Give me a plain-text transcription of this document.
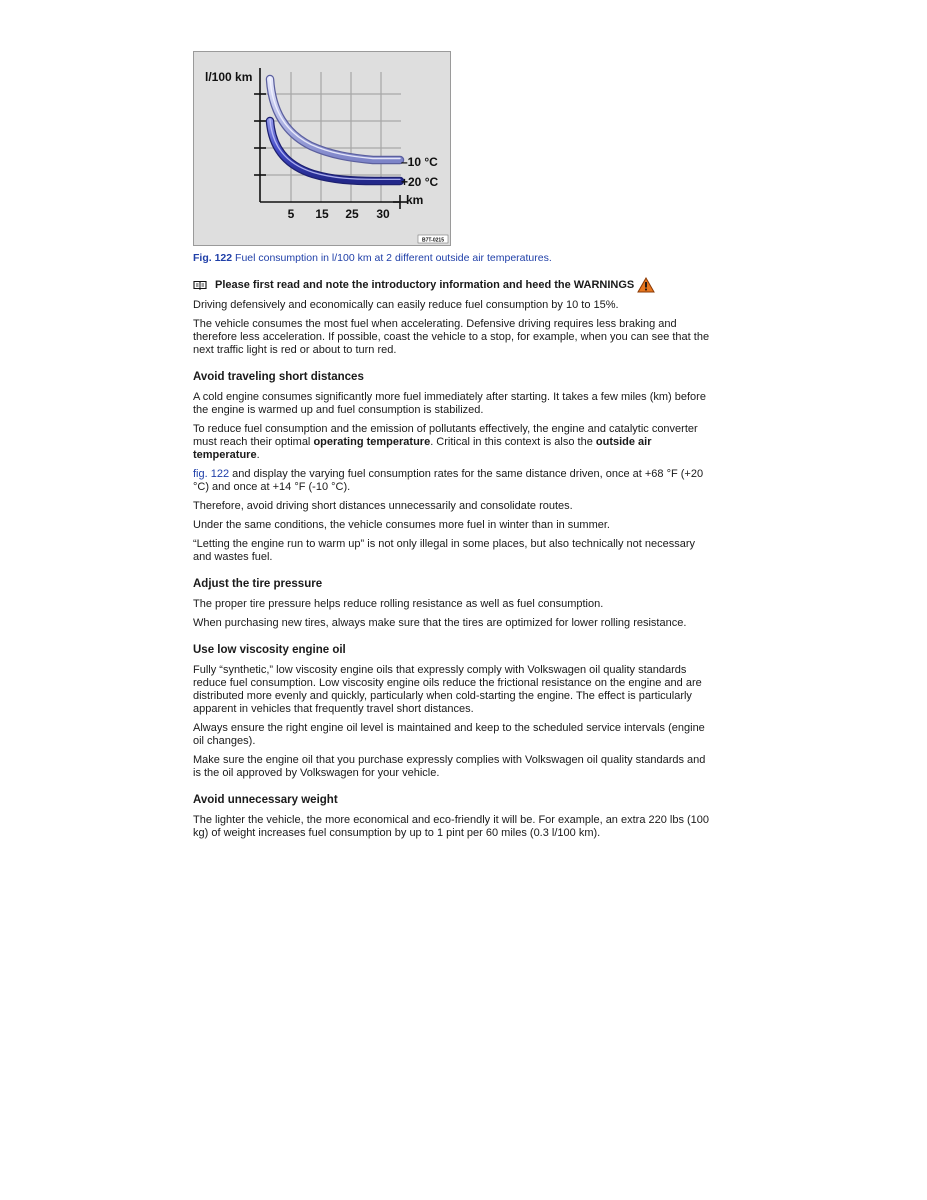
l/100 km
–10 °C
+20 °C
km
5 15 25 30
B7T-0215
Fig. 122 Fuel consumption in l/100 km at 2 different outside air temperatures.
Please first read and note the introductory information and heed the WARNINGS

Driving defensively and economically can easily reduce fuel consumption by 10 to 15%.

The vehicle consumes the most fuel when accelerating. Defensive driving requires less braking and therefore less acceleration. If possible, coast the vehicle to a stop, for example, when you can see that the next traffic light is red or about to turn red.

Avoid traveling short distances

A cold engine consumes significantly more fuel immediately after starting. It takes a few miles (km) before the engine is warmed up and fuel consumption is stabilized.

To reduce fuel consumption and the emission of pollutants effectively, the engine and catalytic converter must reach their optimal operating temperature. Critical in this context is also the outside air temperature.

fig. 122 and display the varying fuel consumption rates for the same distance driven, once at +68 °F (+20 °C) and once at +14 °F (-10 °C).

Therefore, avoid driving short distances unnecessarily and consolidate routes.

Under the same conditions, the vehicle consumes more fuel in winter than in summer.

“Letting the engine run to warm up” is not only illegal in some places, but also technically not necessary and wastes fuel.

Adjust the tire pressure

The proper tire pressure helps reduce rolling resistance as well as fuel consumption.

When purchasing new tires, always make sure that the tires are optimized for lower rolling resistance.

Use low viscosity engine oil

Fully “synthetic,” low viscosity engine oils that expressly comply with Volkswagen oil quality standards reduce fuel consumption. Low viscosity engine oils reduce the frictional resistance on the engine and are distributed more evenly and quickly, particularly when cold-starting the engine. The effect is particularly apparent in vehicles that frequently travel short distances.

Always ensure the right engine oil level is maintained and keep to the scheduled service intervals (engine oil changes).

Make sure the engine oil that you purchase expressly complies with Volkswagen oil quality standards and is the oil approved by Volkswagen for your vehicle.

Avoid unnecessary weight

The lighter the vehicle, the more economical and eco-friendly it will be. For example, an extra 220 lbs (100 kg) of weight increases fuel consumption by up to 1 pint per 60 miles (0.3 l/100 km).
